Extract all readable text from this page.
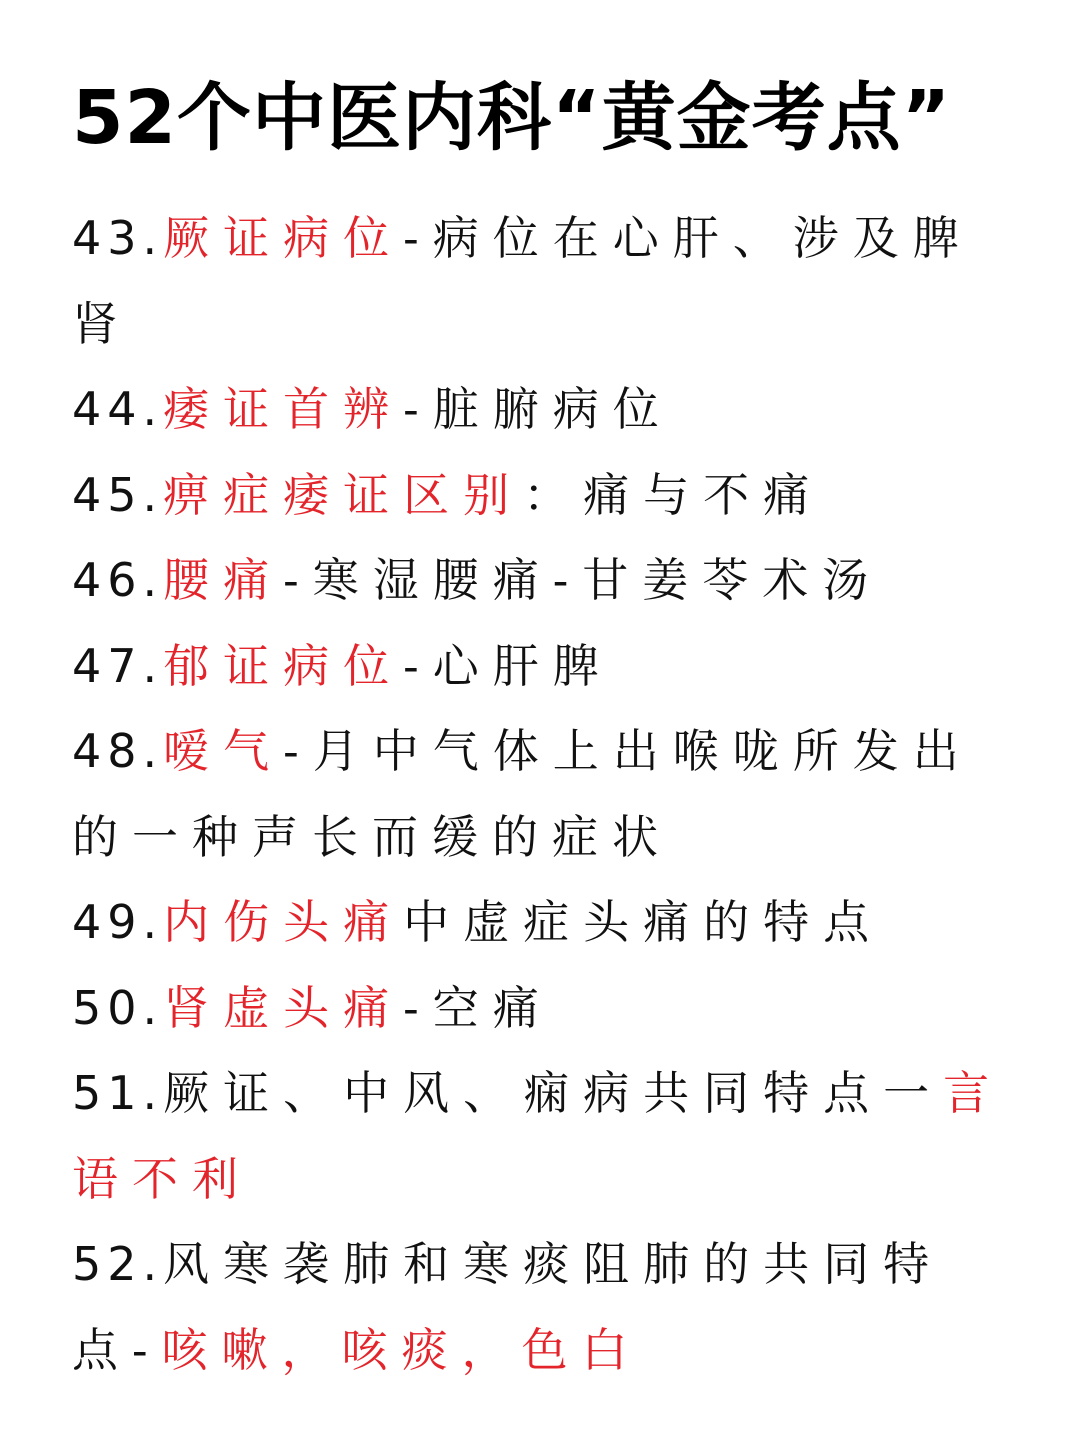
52个中医内科“黄金考点”
43.厥证病位-病位在心肝、涉及脾肾
44.痿证首辨-脏腑病位
45.痹症痿证区别：痛与不痛
46.腰痛-寒湿腰痛-甘姜苓术汤
47.郁证病位-心肝脾
48.嗳气-月中气体上出喉咙所发出的一种声长而缓的症状
49.内伤头痛中虚症头痛的特点
50.肾虚头痛-空痛
51.厥证、中风、痫病共同特点一言语不利
52.风寒袭肺和寒痰阻肺的共同特点-咳嗽，咳痰，色白
